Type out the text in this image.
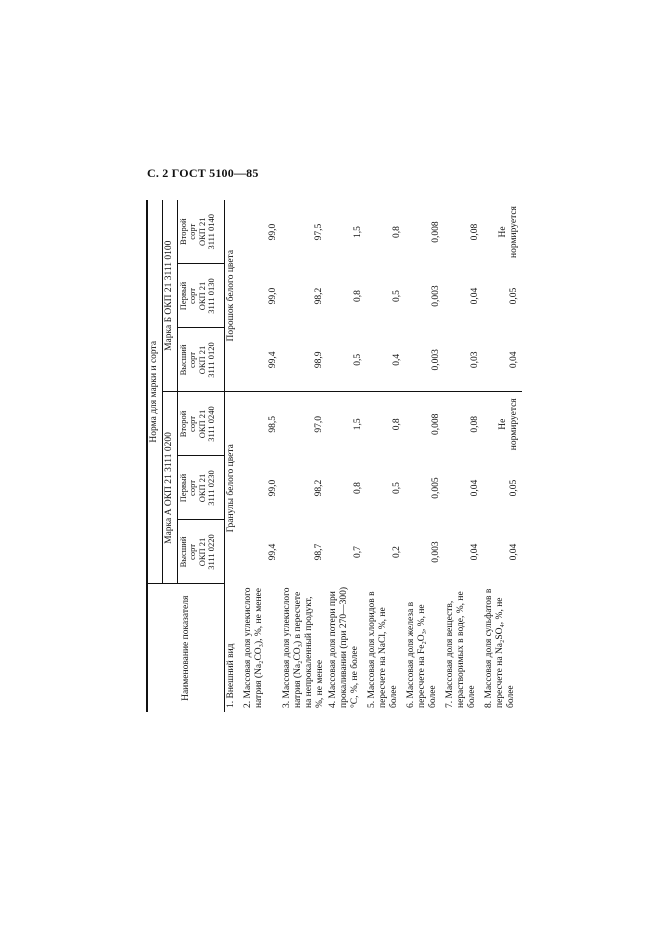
С. 2 ГОСТ 5100—85
Наименование показателя	Норма для марки и сорта					
	Марка А ОКП 21 3111 0200			Марка Б ОКП 21 3111 0100		
	Высший
сорт
ОКП 21
3111 0220	Первый
сорт
ОКП 21
3111 0230	Второй
сорт
ОКП 21
3111 0240	Высший
сорт
ОКП 21
3111 0120	Первый
сорт
ОКП 21
3111 0130	Второй
сорт
ОКП 21
3111 0140
1. Внешний вид	Гранулы белого цвета			Порошок белого цвета		
2. Массовая доля углекислого натрия (Na₂CO₃), %, не менее	99,4	99,0	98,5	99,4	99,0	99,0
3. Массовая доля углекислого натрия (Na₂CO₃) в пересчете на непрокаленный продукт, %, не менее	98,7	98,2	97,0	98,9	98,2	97,5
4. Массовая доля потери при прокаливании (при 270—300) °С, %, не более	0,7	0,8	1,5	0,5	0,8	1,5
5. Массовая доля хлоридов в пересчете на NaCl, %, не более	0,2	0,5	0,8	0,4	0,5	0,8
6. Массовая доля железа в пересчете на Fe₂O₃, %, не более	0,003	0,005	0,008	0,003	0,003	0,008
7. Массовая доля веществ, нерастворимых в воде, %, не более	0,04	0,04	0,08	0,03	0,04	0,08
8. Массовая доля сульфатов в пересчете на Na₂SO₄, %, не более	0,04	0,05	Не нормируется	0,04	0,05	Не нормируется
